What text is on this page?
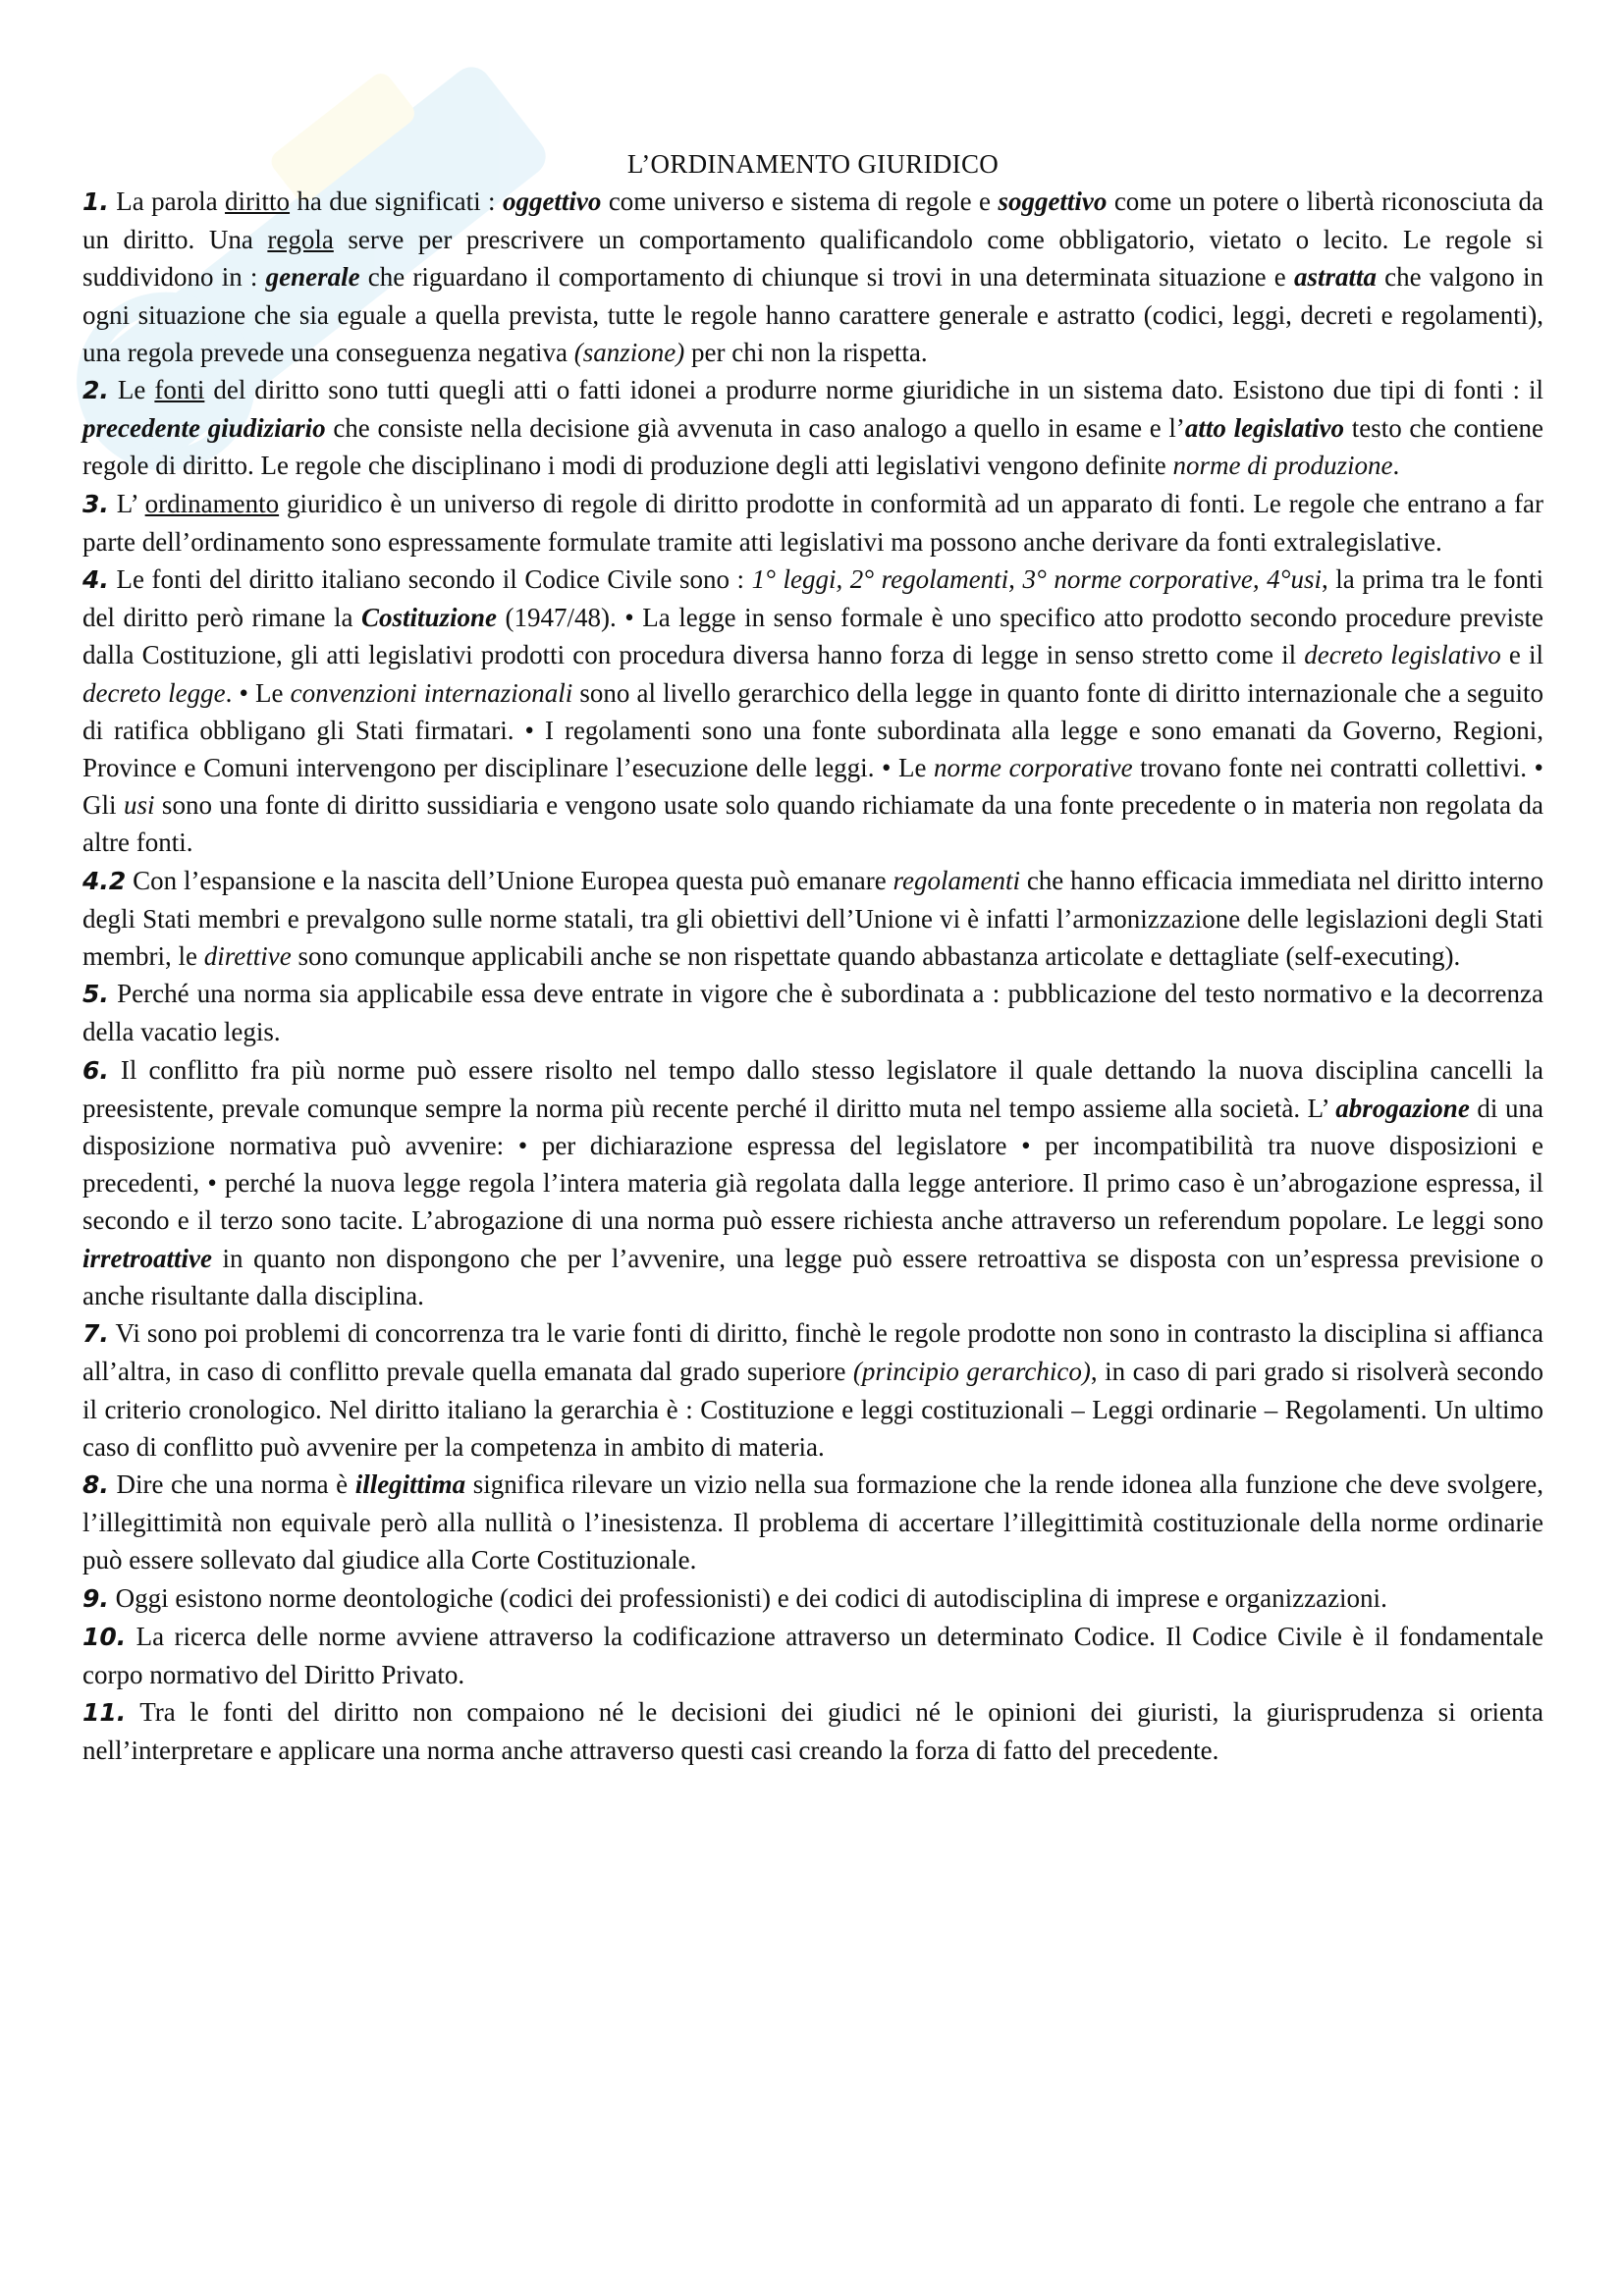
L’ORDINAMENTO GIURIDICO

1. La parola diritto ha due significati : oggettivo come universo e sistema di regole e soggettivo come un potere o libertà riconosciuta da un diritto. Una regola serve per prescrivere un comportamento qualificandolo come obbligatorio, vietato o lecito. Le regole si suddividono in : generale che riguardano il comportamento di chiunque si trovi in una determinata situazione e astratta che valgono in ogni situazione che sia eguale a quella prevista, tutte le regole hanno carattere generale e astratto (codici, leggi, decreti e regolamenti), una regola prevede una conseguenza negativa (sanzione) per chi non la rispetta.

2. Le fonti del diritto sono tutti quegli atti o fatti idonei a produrre norme giuridiche in un sistema dato. Esistono due tipi di fonti : il precedente giudiziario che consiste nella decisione già avvenuta in caso analogo a quello in esame e l’atto legislativo testo che contiene regole di diritto. Le regole che disciplinano i modi di produzione degli atti legislativi vengono definite norme di produzione.

3. L’ ordinamento giuridico è un universo di regole di diritto prodotte in conformità ad un apparato di fonti. Le regole che entrano a far parte dell’ordinamento sono espressamente formulate tramite atti legislativi ma possono anche derivare da fonti extralegislative.

4. Le fonti del diritto italiano secondo il Codice Civile sono : 1° leggi, 2° regolamenti, 3° norme corporative, 4°usi, la prima tra le fonti del diritto però rimane la Costituzione (1947/48). • La legge in senso formale è uno specifico atto prodotto secondo procedure previste dalla Costituzione, gli atti legislativi prodotti con procedura diversa hanno forza di legge in senso stretto come il decreto legislativo e il decreto legge. • Le convenzioni internazionali sono al livello gerarchico della legge in quanto fonte di diritto internazionale che a seguito di ratifica obbligano gli Stati firmatari. • I regolamenti sono una fonte subordinata alla legge e sono emanati da Governo, Regioni, Province e Comuni intervengono per disciplinare l’esecuzione delle leggi. • Le norme corporative trovano fonte nei contratti collettivi. • Gli usi sono una fonte di diritto sussidiaria e vengono usate solo quando richiamate da una fonte precedente o in materia non regolata da altre fonti.

4.2 Con l’espansione e la nascita dell’Unione Europea questa può emanare regolamenti che hanno efficacia immediata nel diritto interno degli Stati membri e prevalgono sulle norme statali, tra gli obiettivi dell’Unione vi è infatti l’armonizzazione delle legislazioni degli Stati membri, le direttive sono comunque applicabili anche se non rispettate quando abbastanza articolate e dettagliate (self-executing).

5. Perché una norma sia applicabile essa deve entrate in vigore che è subordinata a : pubblicazione del testo normativo e la decorrenza della vacatio legis.

6. Il conflitto fra più norme può essere risolto nel tempo dallo stesso legislatore il quale dettando la nuova disciplina cancelli la preesistente, prevale comunque sempre la norma più recente perché il diritto muta nel tempo assieme alla società. L’ abrogazione di una disposizione normativa può avvenire: • per dichiarazione espressa del legislatore • per incompatibilità tra nuove disposizioni e precedenti, • perché la nuova legge regola l’intera materia già regolata dalla legge anteriore. Il primo caso è un’abrogazione espressa, il secondo e il terzo sono tacite. L’abrogazione di una norma può essere richiesta anche attraverso un referendum popolare. Le leggi sono irretroattive in quanto non dispongono che per l’avvenire, una legge può essere retroattiva se disposta con un’espressa previsione o anche risultante dalla disciplina.

7. Vi sono poi problemi di concorrenza tra le varie fonti di diritto, finchè le regole prodotte non sono in contrasto la disciplina si affianca all’altra, in caso di conflitto prevale quella emanata dal grado superiore (principio gerarchico), in caso di pari grado si risolverà secondo il criterio cronologico. Nel diritto italiano la gerarchia è : Costituzione e leggi costituzionali – Leggi ordinarie – Regolamenti. Un ultimo caso di conflitto può avvenire per la competenza in ambito di materia.

8. Dire che una norma è illegittima significa rilevare un vizio nella sua formazione che la rende idonea alla funzione che deve svolgere, l’illegittimità non equivale però alla nullità o l’inesistenza. Il problema di accertare l’illegittimità costituzionale della norme ordinarie può essere sollevato dal giudice alla Corte Costituzionale.

9. Oggi esistono norme deontologiche (codici dei professionisti) e dei codici di autodisciplina di imprese e organizzazioni.

10. La ricerca delle norme avviene attraverso la codificazione attraverso un determinato Codice. Il Codice Civile è il fondamentale corpo normativo del Diritto Privato.

11. Tra le fonti del diritto non compaiono né le decisioni dei giudici né le opinioni dei giuristi, la giurisprudenza si orienta nell’interpretare e applicare una norma anche attraverso questi casi creando la forza di fatto del precedente.
